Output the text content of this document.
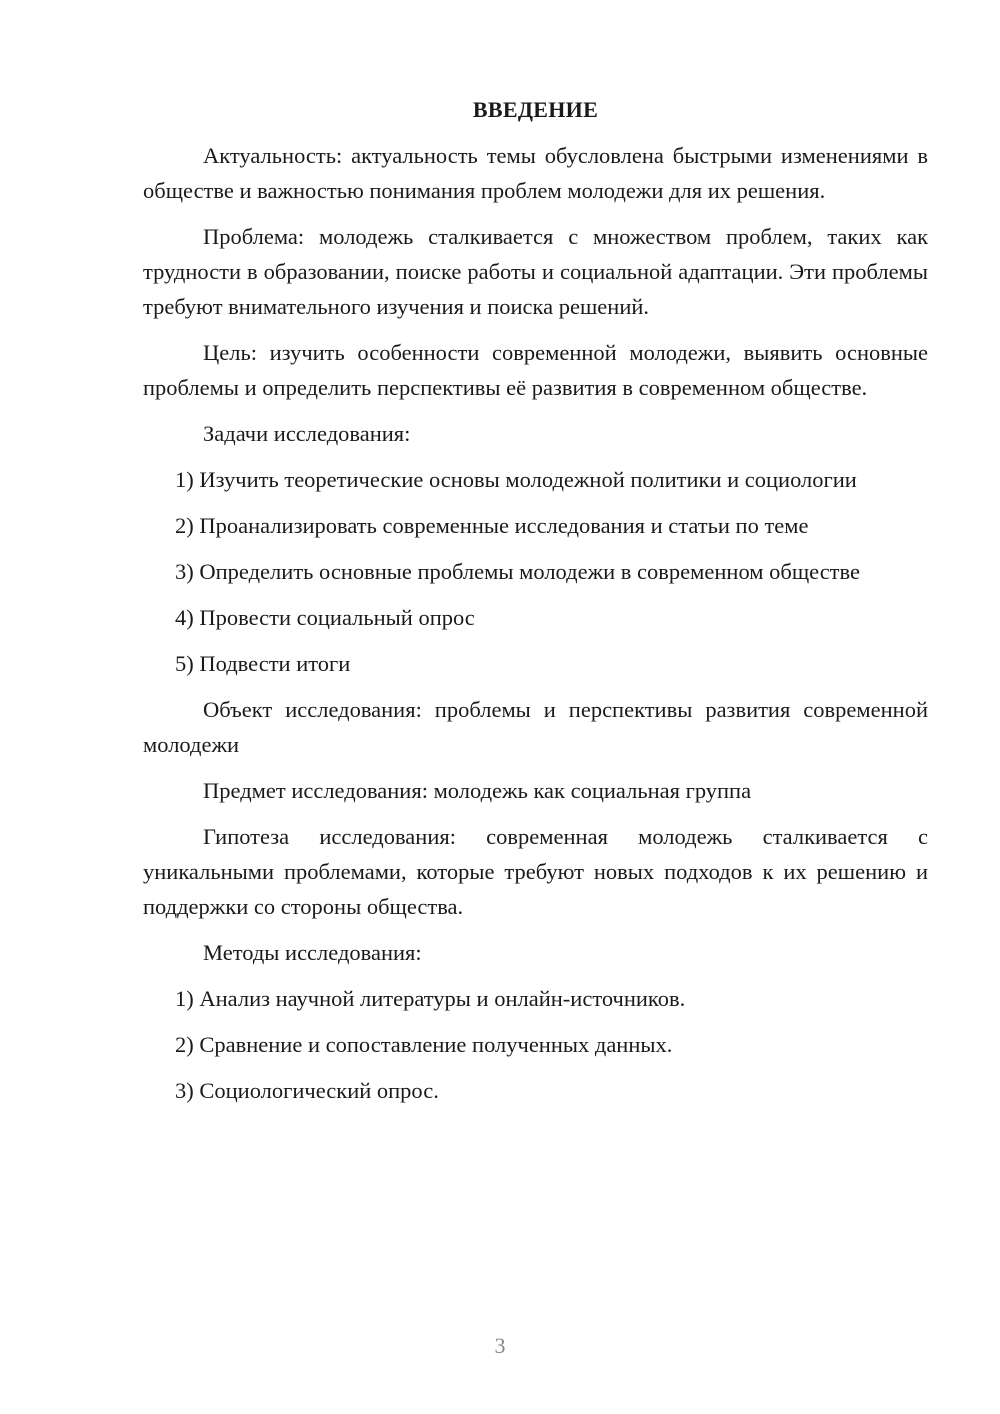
ВВЕДЕНИЕ

Актуальность: актуальность темы обусловлена быстрыми изменениями в обществе и важностью понимания проблем молодежи для их решения.

Проблема: молодежь сталкивается с множеством проблем, таких как трудности в образовании, поиске работы и социальной адаптации. Эти проблемы требуют внимательного изучения и поиска решений.

Цель: изучить особенности современной молодежи, выявить основные проблемы и определить перспективы её развития в современном обществе.

Задачи исследования:

1) Изучить теоретические основы молодежной политики и социологии

2) Проанализировать современные исследования и статьи по теме

3) Определить основные проблемы молодежи в современном обществе

4) Провести социальный опрос

5) Подвести итоги

Объект исследования: проблемы и перспективы развития современной молодежи

Предмет исследования: молодежь как социальная группа

Гипотеза исследования: современная молодежь сталкивается с уникальными проблемами, которые требуют новых подходов к их решению и поддержки со стороны общества.

Методы исследования:

1) Анализ научной литературы и онлайн-источников.

2) Сравнение и сопоставление полученных данных.

3) Социологический опрос.

3
